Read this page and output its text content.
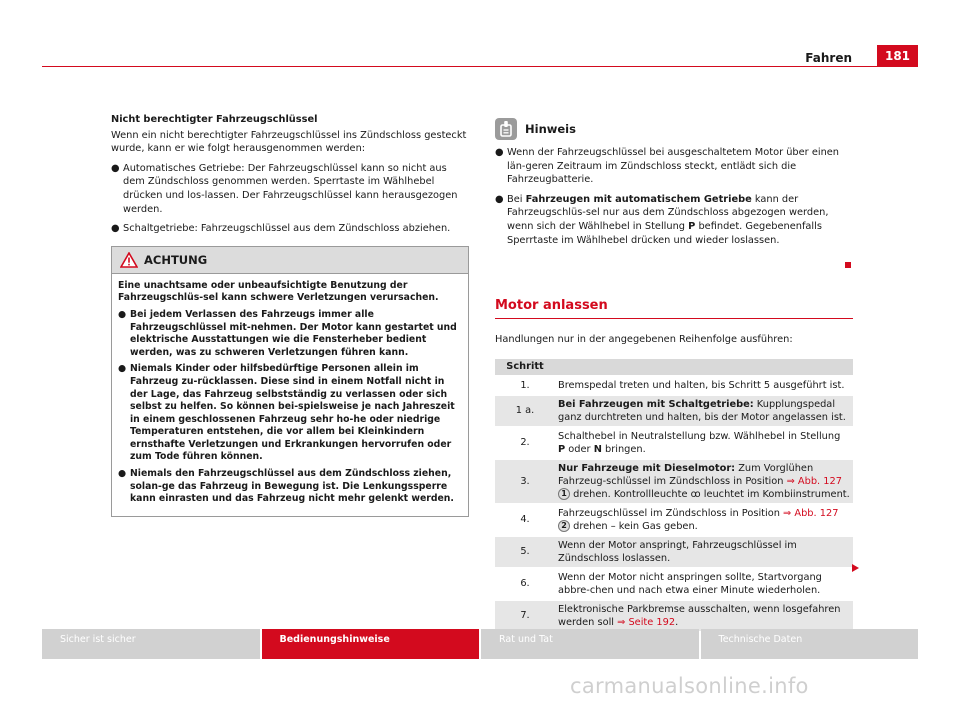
181
Fahren
Nicht berechtigter Fahrzeugschlüssel
Wenn ein nicht berechtigter Fahrzeugschlüssel ins Zündschloss gesteckt wurde, kann er wie folgt herausgenommen werden:
● Automatisches Getriebe: Der Fahrzeugschlüssel kann so nicht aus dem Zündschloss genommen werden. Sperrtaste im Wählhebel drücken und los-lassen. Der Fahrzeugschlüssel kann herausgezogen werden.
● Schaltgetriebe: Fahrzeugschlüssel aus dem Zündschloss abziehen.
ACHTUNG
Eine unachtsame oder unbeaufsichtigte Benutzung der Fahrzeugschlüs-sel kann schwere Verletzungen verursachen.
● Bei jedem Verlassen des Fahrzeugs immer alle Fahrzeugschlüssel mit-nehmen. Der Motor kann gestartet und elektrische Ausstattungen wie die Fensterheber bedient werden, was zu schweren Verletzungen führen kann.
● Niemals Kinder oder hilfsbedürftige Personen allein im Fahrzeug zu-rücklassen. Diese sind in einem Notfall nicht in der Lage, das Fahrzeug selbstständig zu verlassen oder sich selbst zu helfen. So können bei-spielsweise je nach Jahreszeit in einem geschlossenen Fahrzeug sehr ho-he oder niedrige Temperaturen entstehen, die vor allem bei Kleinkindern ernsthafte Verletzungen und Erkrankungen hervorrufen oder zum Tode führen können.
● Niemals den Fahrzeugschlüssel aus dem Zündschloss ziehen, solan-ge das Fahrzeug in Bewegung ist. Die Lenkungssperre kann einrasten und das Fahrzeug nicht mehr gelenkt werden.
Hinweis
● Wenn der Fahrzeugschlüssel bei ausgeschaltetem Motor über einen län-geren Zeitraum im Zündschloss steckt, entlädt sich die Fahrzeugbatterie.
● Bei Fahrzeugen mit automatischem Getriebe kann der Fahrzeugschlüs-sel nur aus dem Zündschloss abgezogen werden, wenn sich der Wählhebel in Stellung P befindet. Gegebenenfalls Sperrtaste im Wählhebel drücken und wieder loslassen.
Motor anlassen
Handlungen nur in der angegebenen Reihenfolge ausführen:
Schritt	
1.	Bremspedal treten und halten, bis Schritt 5 ausgeführt ist.
1 a.	Bei Fahrzeugen mit Schaltgetriebe: Kupplungspedal ganz durchtreten und halten, bis der Motor angelassen ist.
2.	Schalthebel in Neutralstellung bzw. Wählhebel in Stellung P oder N bringen.
3.	Nur Fahrzeuge mit Dieselmotor: Zum Vorglühen Fahrzeug-schlüssel im Zündschloss in Position ⇒ Abb. 127 1 drehen. Kontrollleuchte ꝏ leuchtet im Kombiinstrument.
4.	Fahrzeugschlüssel im Zündschloss in Position ⇒ Abb. 127 2 drehen – kein Gas geben.
5.	Wenn der Motor anspringt, Fahrzeugschlüssel im Zündschloss loslassen.
6.	Wenn der Motor nicht anspringen sollte, Startvorgang abbre-chen und nach etwa einer Minute wiederholen.
7.	Elektronische Parkbremse ausschalten, wenn losgefahren werden soll ⇒ Seite 192.
Sicher ist sicher	Bedienungshinweise	Rat und Tat	Technische Daten
carmanualsonline.info
